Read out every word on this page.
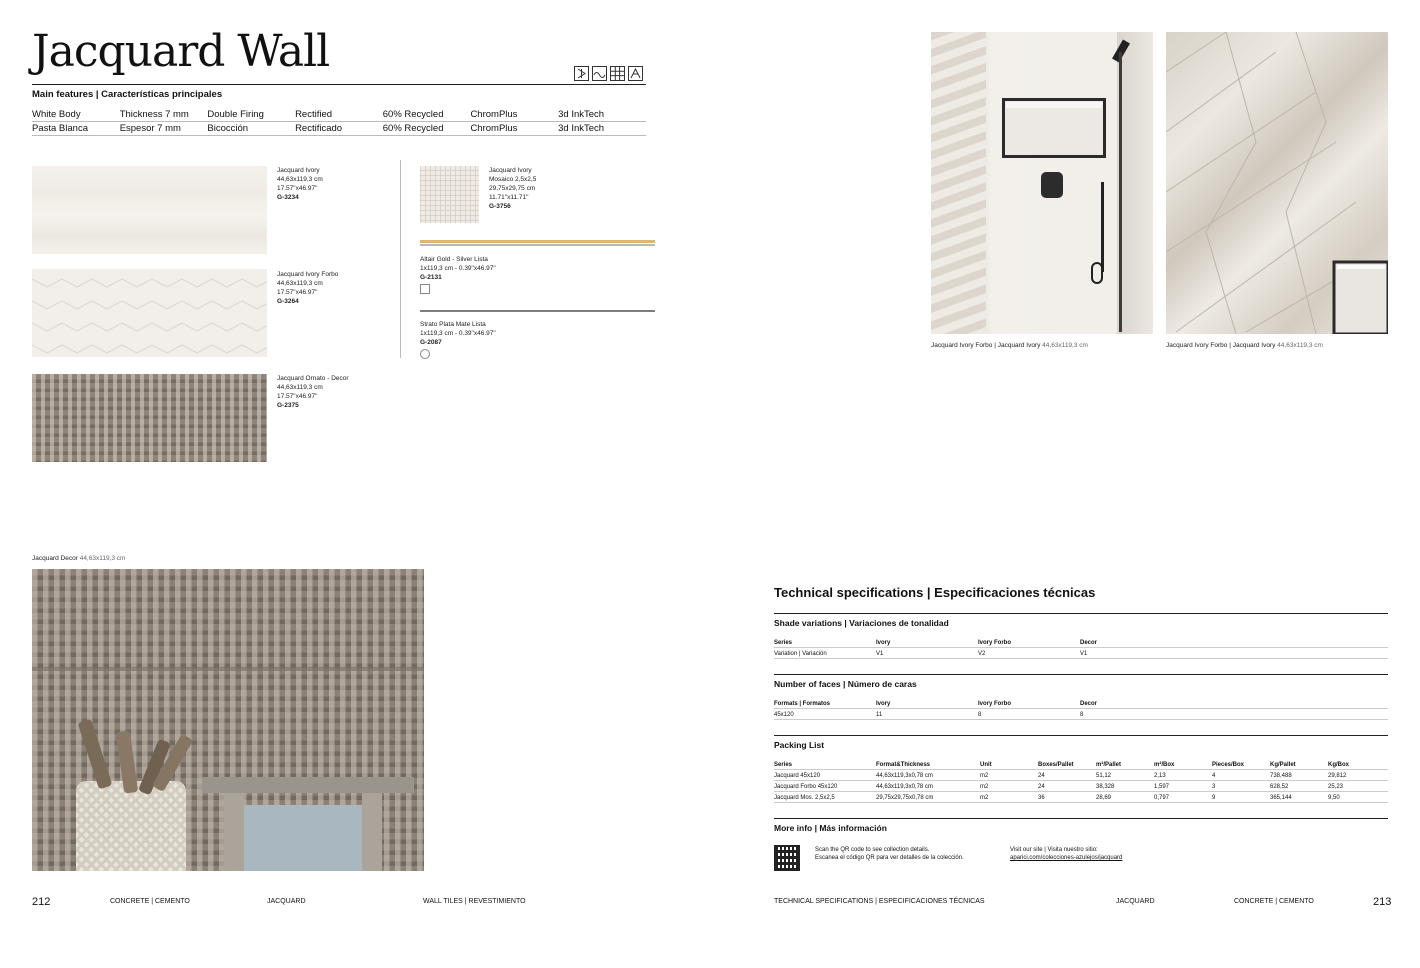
Jacquard Wall
Main features | Características principales
White Body	Thickness 7 mm	Double Firing	Rectified	60% Recycled	ChromPlus	3d InkTech
Pasta Blanca	Espesor 7 mm	Bicocción	Rectificado	60% Recycled	ChromPlus	3d InkTech
Jacquard Ivory
44,63x119,3 cm
17.57"x46.97"
G-3234
Jacquard Ivory Forbo
44,63x119,3 cm
17.57"x46.97"
G-3264
Jacquard Ornato - Decor
44,63x119,3 cm
17.57"x46.97"
G-2375
Jacquard Ivory
Mosaico 2,5x2,5
29,75x29,75 cm
11.71"x11.71"
G-3756
Altair Gold - Silver Lista
1x119,3 cm - 0.39"x46.97"
G-2131
Strato Plata Mate Lista
1x119,3 cm - 0.39"x46.97"
G-2087
Jacquard Decor 44,63x119,3 cm
212	CONCRETE | CEMENTO	JACQUARD	WALL TILES | REVESTIMIENTO
Jacquard Ivory Forbo | Jacquard Ivory 44,63x119,3 cm	Jacquard Ivory Forbo | Jacquard Ivory 44,63x119,3 cm
Technical specifications | Especificaciones técnicas
Shade variations | Variaciones de tonalidad
Series	Ivory	Ivory Forbo	Decor
Variation | Variación	V1	V2	V1
Number of faces | Número de caras
Formats | Formatos	Ivory	Ivory Forbo	Decor
45x120	11	8	8
Packing List
Series	Format&Thickness	Unit	Boxes/Pallet	m²/Pallet	m²/Box	Pieces/Box	Kg/Pallet	Kg/Box
Jacquard 45x120	44,63x119,3x0,78 cm	m2	24	51,12	2,13	4	738,488	29,812
Jacquard Forbo 45x120	44,63x119,3x0,78 cm	m2	24	38,328	1,597	3	628,52	25,23
Jacquard Mos. 2,5x2,5	29,75x29,75x0,78 cm	m2	36	28,69	0,797	9	365,144	9,50
More info | Más información
Scan the QR code to see collection details.
Escanea el código QR para ver detalles de la colección.
Visit our site | Visita nuestro sitio:
aparici.com/colecciones-azulejos/jacquard
TECHNICAL SPECIFICATIONS | ESPECIFICACIONES TÉCNICAS	JACQUARD	CONCRETE | CEMENTO	213
